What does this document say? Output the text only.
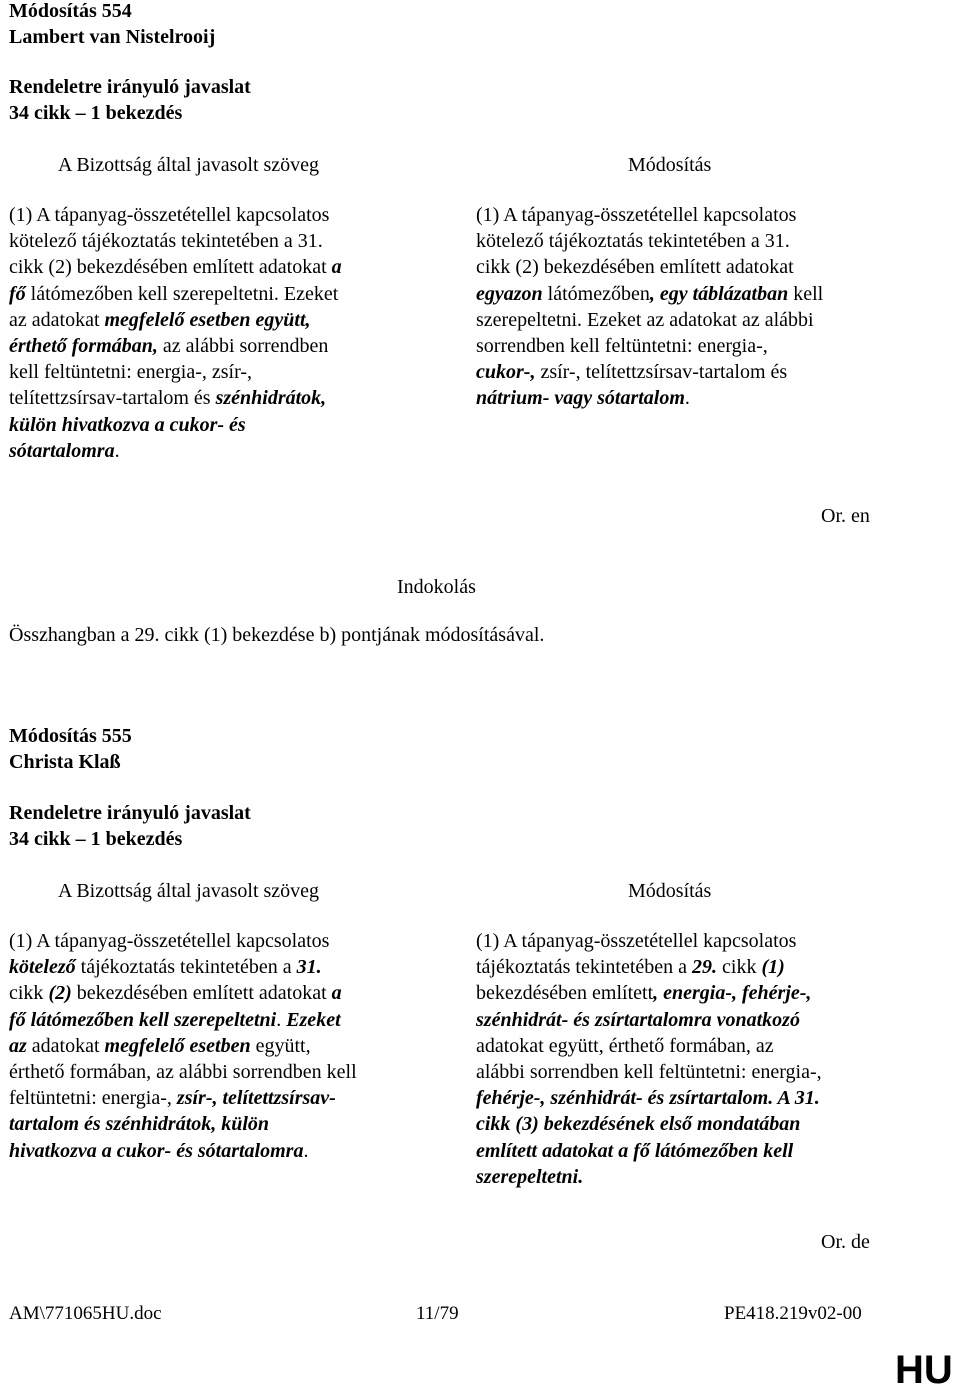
Módosítás 554
Lambert van Nistelrooij
Rendeletre irányuló javaslat
34 cikk – 1 bekezdés
A Bizottság által javasolt szöveg	Módosítás

(1) A tápanyag-összetétellel kapcsolatos

kötelező tájékoztatás tekintetében a 31.

cikk (2) bekezdésében említett adatokat a

fő látómezőben kell szerepeltetni. Ezeket

az adatokat megfelelő esetben együtt,

érthető formában, az alábbi sorrendben

kell feltüntetni: energia-, zsír-,

telítettzsírsav-tartalom és szénhidrátok,

külön hivatkozva a cukor- és

sótartalomra.

(1) A tápanyag-összetétellel kapcsolatos

kötelező tájékoztatás tekintetében a 31.

cikk (2) bekezdésében említett adatokat

egyazon látómezőben, egy táblázatban kell

szerepeltetni. Ezeket az adatokat az alábbi

sorrendben kell feltüntetni: energia-,

cukor-, zsír-, telítettzsírsav-tartalom és

nátrium- vagy sótartalom.

Or. en
Indokolás
Összhangban a 29. cikk (1) bekezdése b) pontjának módosításával.
Módosítás 555
Christa Klaß
Rendeletre irányuló javaslat
34 cikk – 1 bekezdés
A Bizottság által javasolt szöveg	Módosítás

(1) A tápanyag-összetétellel kapcsolatos

kötelező tájékoztatás tekintetében a 31.

cikk (2) bekezdésében említett adatokat a

fő látómezőben kell szerepeltetni. Ezeket

az adatokat megfelelő esetben együtt,

érthető formában, az alábbi sorrendben kell

feltüntetni: energia-, zsír-, telítettzsírsav-

tartalom és szénhidrátok, külön

hivatkozva a cukor- és sótartalomra.

(1) A tápanyag-összetétellel kapcsolatos

tájékoztatás tekintetében a 29. cikk (1)

bekezdésében említett, energia-, fehérje-,

szénhidrát- és zsírtartalomra vonatkozó

adatokat együtt, érthető formában, az

alábbi sorrendben kell feltüntetni: energia-,

fehérje-, szénhidrát- és zsírtartalom. A 31.

cikk (3) bekezdésének első mondatában

említett adatokat a fő látómezőben kell

szerepeltetni.

Or. de
AM\771065HU.doc	11/79	PE418.219v02-00
HU
